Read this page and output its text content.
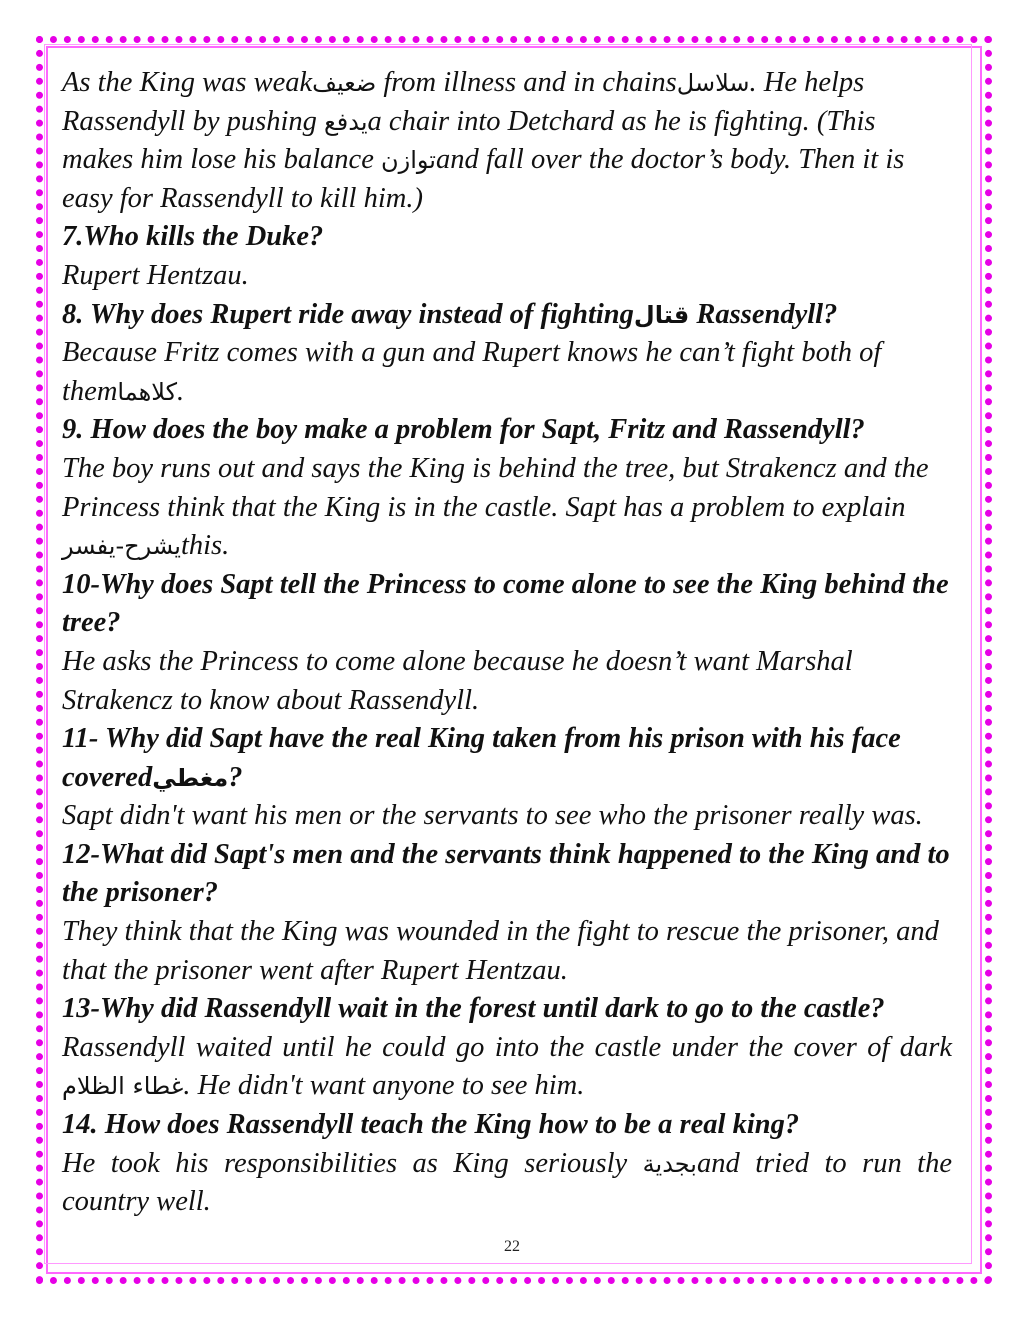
As the King was weakضعيف from illness and in chainsسلاسل. He helps Rassendyll by pushing يدفعa chair into Detchard as he is fighting. (This makes him lose his balance توازنand fall over the doctor’s body. Then it is easy for Rassendyll to kill him.)

7.Who kills the Duke?

Rupert Hentzau.

8. Why does Rupert ride away instead of fightingقتال Rassendyll?

Because Fritz comes with a gun and Rupert knows he can’t fight both of themكلاهما.

9. How does the boy make a problem for Sapt, Fritz and Rassendyll?

The boy runs out and says the King is behind the tree, but Strakencz and the Princess think that the King is in the castle. Sapt has a problem to explain يشرح-يفسرthis.

10-Why does Sapt tell the Princess to come alone to see the King behind the tree?

He asks the Princess to come alone because he doesn’t want Marshal Strakencz to know about Rassendyll.

11- Why did Sapt have the real King taken from his prison with his face coveredمغطي?

Sapt didn't want his men or the servants to see who the prisoner really was.

12-What did Sapt's men and the servants think happened to the King and to the prisoner?

They think that the King was wounded in the fight to rescue the prisoner, and that the prisoner went after Rupert Hentzau.

13-Why did Rassendyll wait in the forest until dark to go to the castle?

Rassendyll waited until he could go into the castle under the cover of dark غطاء الظلام. He didn't want anyone to see him.

14. How does Rassendyll teach the King how to be a real king?

He took his responsibilities as King seriously بجديةand tried to run the country well.

22
